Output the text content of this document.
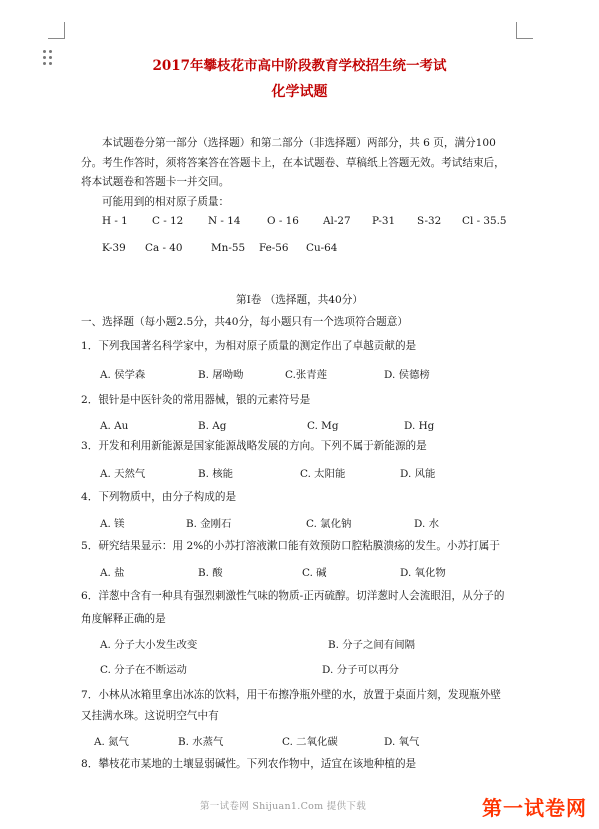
2017年攀枝花市高中阶段教育学校招生统一考试
化学试题
本试题卷分第一部分（选择题）和第二部分（非选择题）两部分，共 6 页，满分100
分。考生作答时，须将答案答在答题卡上，在本试题卷、草稿纸上答题无效。考试结束后，
将本试题卷和答题卡一并交回。
可能用到的相对原子质量：
H - 1 C - 12 N - 14	O - 16 Al-27 P-31 S-32 Cl - 35.5
K-39 Ca - 40	Mn-55 Fe-56 Cu-64
第Ⅰ卷 （选择题，共40分）
一、选择题（每小题2.5分，共40分，每小题只有一个选项符合题意）
1．下列我国著名科学家中，为相对原子质量的测定作出了卓越贡献的是
A. 侯学森	B. 屠呦呦	C.张青莲	D. 侯德榜
2．银针是中医针灸的常用器械，银的元素符号是
A. Au	B. Ag	C. Mg	D. Hg
3．开发和利用新能源是国家能源战略发展的方向。下列不属于新能源的是
A. 天然气	B. 核能	C. 太阳能	D. 风能
4．下列物质中，由分子构成的是
A. 镁	B. 金刚石	C. 氯化钠	D. 水
5．研究结果显示：用 2%的小苏打溶液漱口能有效预防口腔粘膜溃疡的发生。小苏打属于
A. 盐	B. 酸	C. 碱	D. 氧化物
6．洋葱中含有一种具有强烈刺激性气味的物质-正丙硫醇。切洋葱时人会流眼泪，从分子的
角度解释正确的是
A. 分子大小发生改变	B. 分子之间有间隔
C. 分子在不断运动	D. 分子可以再分
7．小林从冰箱里拿出冰冻的饮料，用干布擦净瓶外壁的水，放置于桌面片刻，发现瓶外壁
又挂满水珠。这说明空气中有
A. 氮气	B. 水蒸气	C. 二氧化碳	D. 氧气
8．攀枝花市某地的土壤显弱碱性。下列农作物中，适宜在该地种植的是
第一试卷网 Shijuan1.Com 提供下载	第一试卷网
